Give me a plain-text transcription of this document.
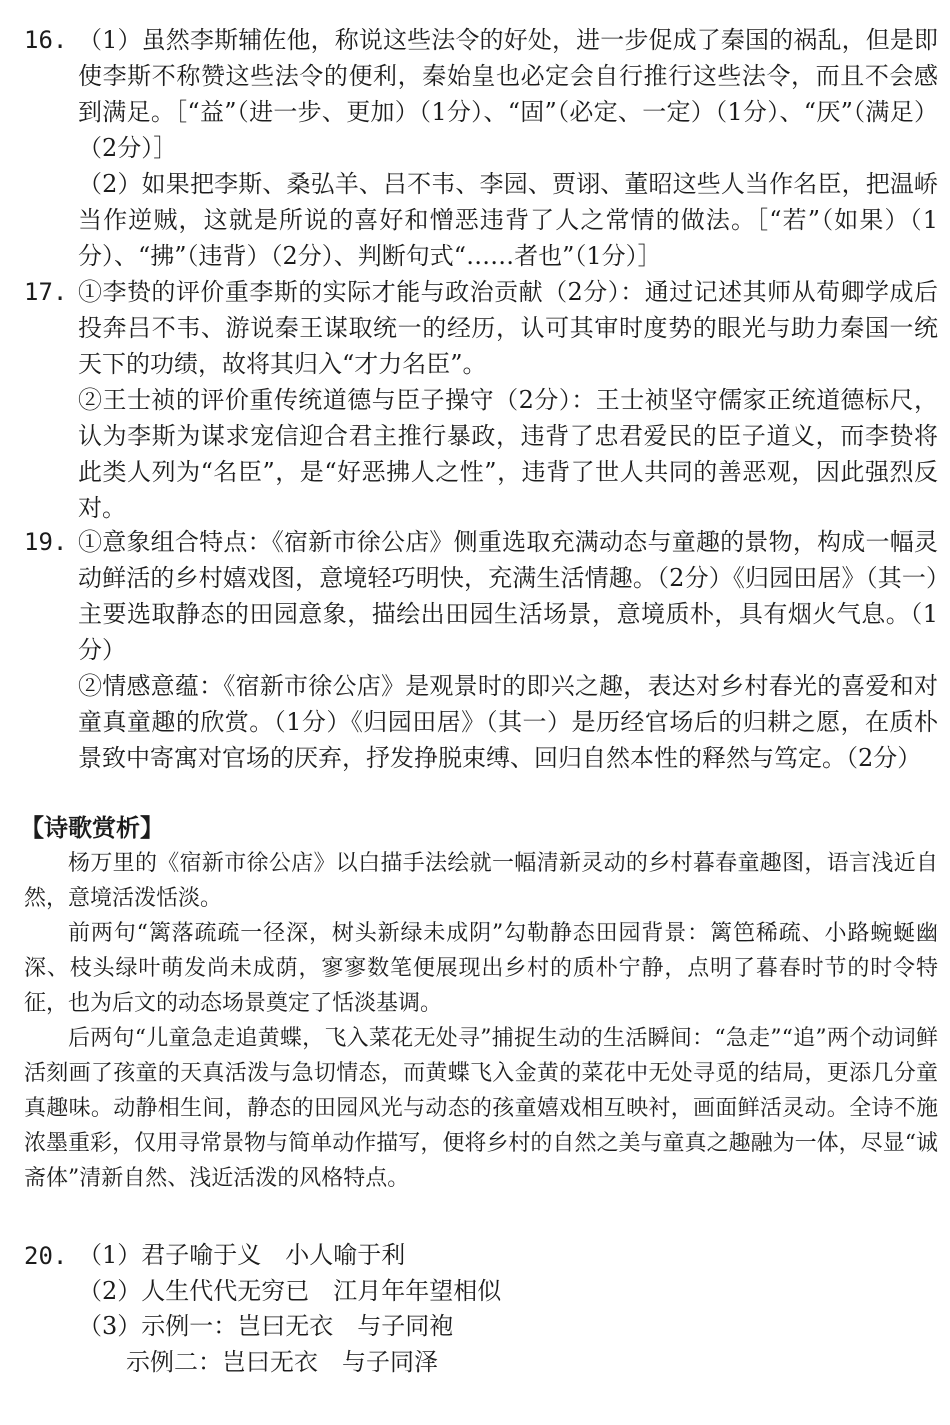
16. （1）虽然李斯辅佐他，称说这些法令的好处，进一步促成了秦国的祸乱，但是即使李斯不称赞这些法令的便利，秦始皇也必定会自行推行这些法令，而且不会感到满足。［“益”（进一步、更加）（1分）、“固”（必定、一定）（1分）、“厌”（满足）（2分）］

（2）如果把李斯、桑弘羊、吕不韦、李园、贾诩、董昭这些人当作名臣，把温峤当作逆贼，这就是所说的喜好和憎恶违背了人之常情的做法。［“若”（如果）（1分）、“拂”（违背）（2分）、判断句式“……者也”（1分）］

17. ①李贽的评价重李斯的实际才能与政治贡献（2分）：通过记述其师从荀卿学成后投奔吕不韦、游说秦王谋取统一的经历，认可其审时度势的眼光与助力秦国一统天下的功绩，故将其归入“才力名臣”。

②王士祯的评价重传统道德与臣子操守（2分）：王士祯坚守儒家正统道德标尺，认为李斯为谋求宠信迎合君主推行暴政，违背了忠君爱民的臣子道义，而李贽将此类人列为“名臣”，是“好恶拂人之性”，违背了世人共同的善恶观，因此强烈反对。

19. ①意象组合特点：《宿新市徐公店》侧重选取充满动态与童趣的景物，构成一幅灵动鲜活的乡村嬉戏图，意境轻巧明快，充满生活情趣。（2分）《归园田居》（其一）主要选取静态的田园意象，描绘出田园生活场景，意境质朴，具有烟火气息。（1分）

②情感意蕴：《宿新市徐公店》是观景时的即兴之趣，表达对乡村春光的喜爱和对童真童趣的欣赏。（1分）《归园田居》（其一）是历经官场后的归耕之愿，在质朴景致中寄寓对官场的厌弃，抒发挣脱束缚、回归自然本性的释然与笃定。（2分）

【诗歌赏析】

杨万里的《宿新市徐公店》以白描手法绘就一幅清新灵动的乡村暮春童趣图，语言浅近自然，意境活泼恬淡。

前两句“篱落疏疏一径深，树头新绿未成阴”勾勒静态田园背景：篱笆稀疏、小路蜿蜒幽深、枝头绿叶萌发尚未成荫，寥寥数笔便展现出乡村的质朴宁静，点明了暮春时节的时令特征，也为后文的动态场景奠定了恬淡基调。

后两句“儿童急走追黄蝶，飞入菜花无处寻”捕捉生动的生活瞬间：“急走”“追”两个动词鲜活刻画了孩童的天真活泼与急切情态，而黄蝶飞入金黄的菜花中无处寻觅的结局，更添几分童真趣味。动静相生间，静态的田园风光与动态的孩童嬉戏相互映衬，画面鲜活灵动。全诗不施浓墨重彩，仅用寻常景物与简单动作描写，便将乡村的自然之美与童真之趣融为一体，尽显“诚斋体”清新自然、浅近活泼的风格特点。

20. （1）君子喻于义　小人喻于利
（2）人生代代无穷已　江月年年望相似
（3）示例一：岂曰无衣　与子同袍
示例二：岂曰无衣　与子同泽
